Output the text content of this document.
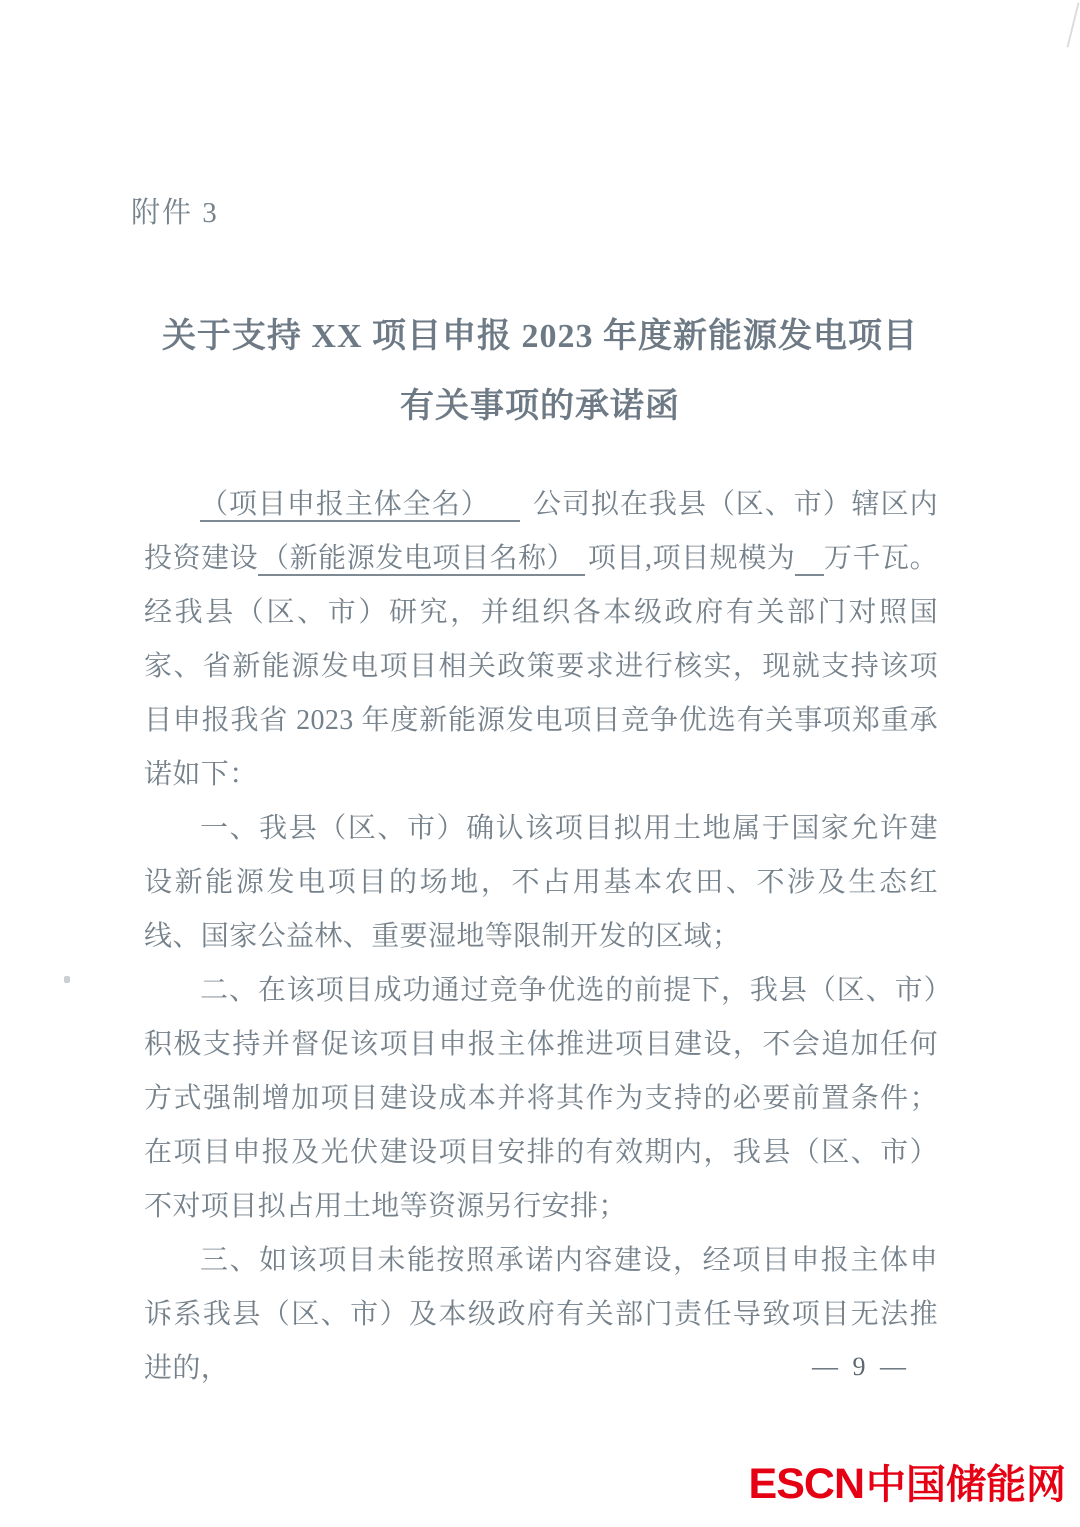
附件 3
关于支持 XX 项目申报 2023 年度新能源发电项目
有关事项的承诺函

（项目申报主体全名） 公司拟在我县（区、市）辖区内投资建设（新能源发电项目名称） 项目,项目规模为　 万千瓦。经我县（区、市）研究，并组织各本级政府有关部门对照国家、省新能源发电项目相关政策要求进行核实，现就支持该项目申报我省 2023 年度新能源发电项目竞争优选有关事项郑重承诺如下：

一、我县（区、市）确认该项目拟用土地属于国家允许建设新能源发电项目的场地，不占用基本农田、不涉及生态红线、国家公益林、重要湿地等限制开发的区域；

二、在该项目成功通过竞争优选的前提下，我县（区、市）积极支持并督促该项目申报主体推进项目建设，不会追加任何方式强制增加项目建设成本并将其作为支持的必要前置条件；在项目申报及光伏建设项目安排的有效期内，我县（区、市）不对项目拟占用土地等资源另行安排；

三、如该项目未能按照承诺内容建设，经项目申报主体申诉系我县（区、市）及本级政府有关部门责任导致项目无法推进的，	— 9 —
ESCN中国储能网
